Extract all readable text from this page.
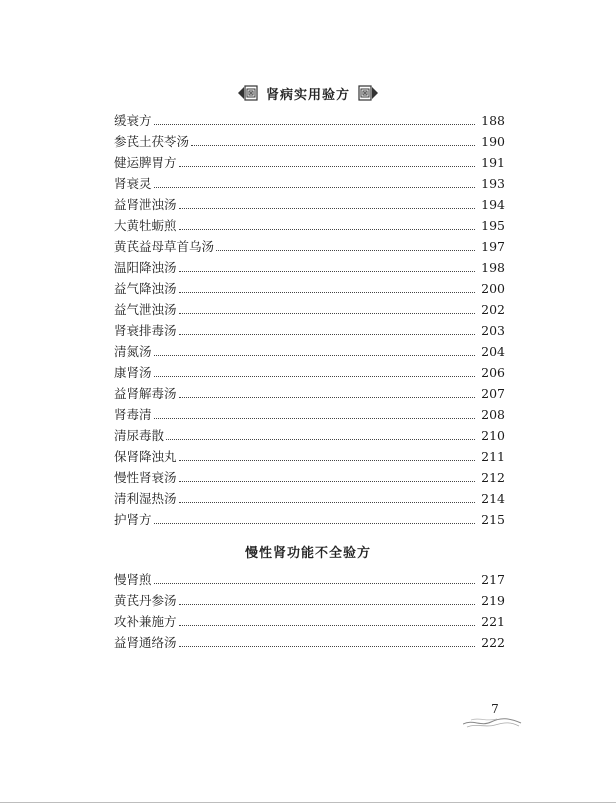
肾病实用验方
缓衰方	188
参芪土茯苓汤	190
健运脾胃方	191
肾衰灵	193
益肾泄浊汤	194
大黄牡蛎煎	195
黄芪益母草首乌汤	197
温阳降浊汤	198
益气降浊汤	200
益气泄浊汤	202
肾衰排毒汤	203
清氮汤	204
康肾汤	206
益肾解毒汤	207
肾毒清	208
清尿毒散	210
保肾降浊丸	211
慢性肾衰汤	212
清利湿热汤	214
护肾方	215
慢性肾功能不全验方
慢肾煎	217
黄芪丹参汤	219
攻补兼施方	221
益肾通络汤	222
7
